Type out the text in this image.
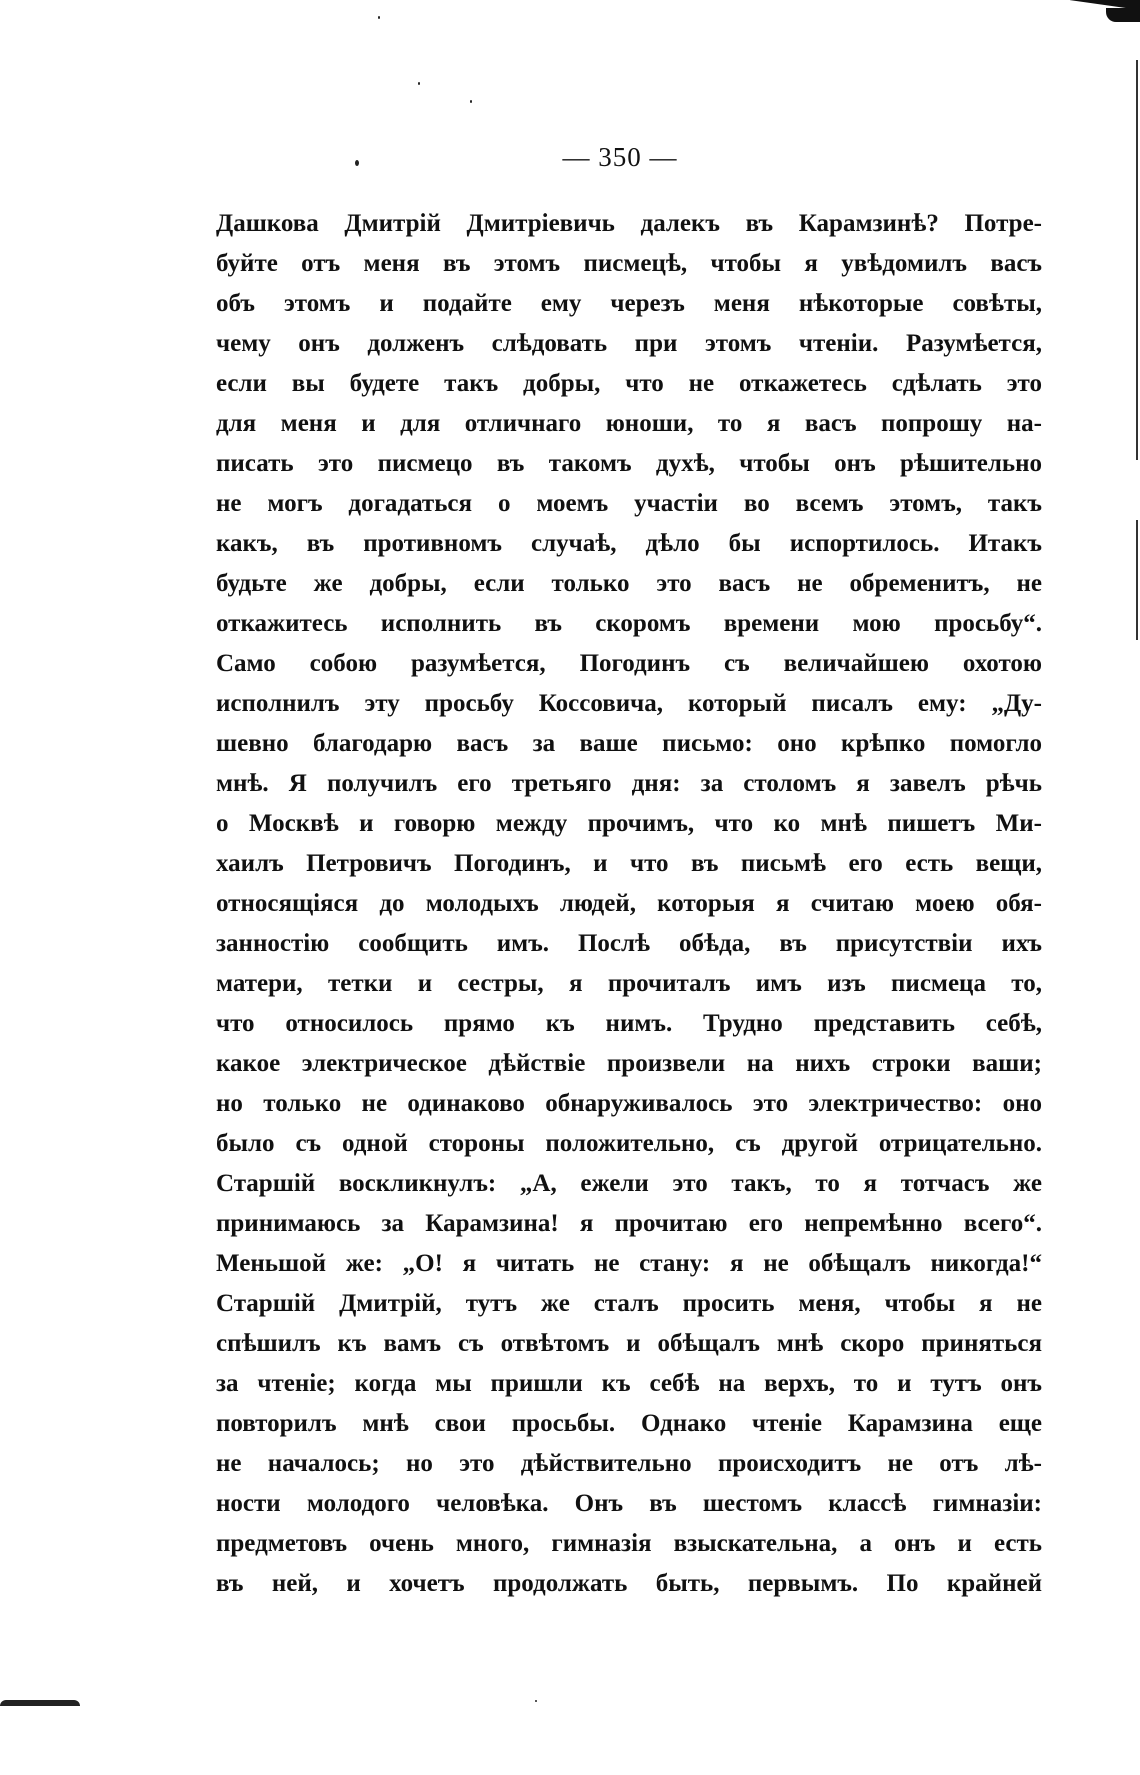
— 350 —
Дашкова Дмитрій Дмитріевичь далекъ въ Карамзинѣ? Потре-
буйте отъ меня въ этомъ писмецѣ, чтобы я увѣдомилъ васъ
объ этомъ и подайте ему черезъ меня нѣкоторые совѣты,
чему онъ долженъ слѣдовать при этомъ чтеніи. Разумѣется,
если вы будете такъ добры, что не откажетесь сдѣлать это
для меня и для отличнаго юноши, то я васъ попрошу на-
писать это писмецо въ такомъ духѣ, чтобы онъ рѣшительно
не могъ догадаться о моемъ участіи во всемъ этомъ, такъ
какъ, въ противномъ случаѣ, дѣло бы испортилось. Итакъ
будьте же добры, если только это васъ не обременитъ, не
откажитесь исполнить въ скоромъ времени мою просьбу“.
Само собою разумѣется, Погодинъ съ величайшею охотою
исполнилъ эту просьбу Коссовича, который писалъ ему: „Ду-
шевно благодарю васъ за ваше письмо: оно крѣпко помогло
мнѣ. Я получилъ его третьяго дня: за столомъ я завелъ рѣчь
о Москвѣ и говорю между прочимъ, что ко мнѣ пишетъ Ми-
хаилъ Петровичъ Погодинъ, и что въ письмѣ его есть вещи,
относящіяся до молодыхъ людей, которыя я считаю моею обя-
занностію сообщить имъ. Послѣ обѣда, въ присутствіи ихъ
матери, тетки и сестры, я прочиталъ имъ изъ писмеца то,
что относилось прямо къ нимъ. Трудно представить себѣ,
какое электрическое дѣйствіе произвели на нихъ строки ваши;
но только не одинаково обнаруживалось это электричество: оно
было съ одной стороны положительно, съ другой отрицательно.
Старшій воскликнулъ: „А, ежели это такъ, то я тотчасъ же
принимаюсь за Карамзина! я прочитаю его непремѣнно всего“.
Меньшой же: „О! я читать не стану: я не обѣщалъ никогда!“
Старшій Дмитрій, тутъ же сталъ просить меня, чтобы я не
спѣшилъ къ вамъ съ отвѣтомъ и обѣщалъ мнѣ скоро приняться
за чтеніе; когда мы пришли къ себѣ на верхъ, то и тутъ онъ
повторилъ мнѣ свои просьбы. Однако чтеніе Карамзина еще
не началось; но это дѣйствительно происходитъ не отъ лѣ-
ности молодого человѣка. Онъ въ шестомъ классѣ гимназіи:
предметовъ очень много, гимназія взыскательна, а онъ и есть
въ ней, и хочетъ продолжать быть, первымъ. По крайней
